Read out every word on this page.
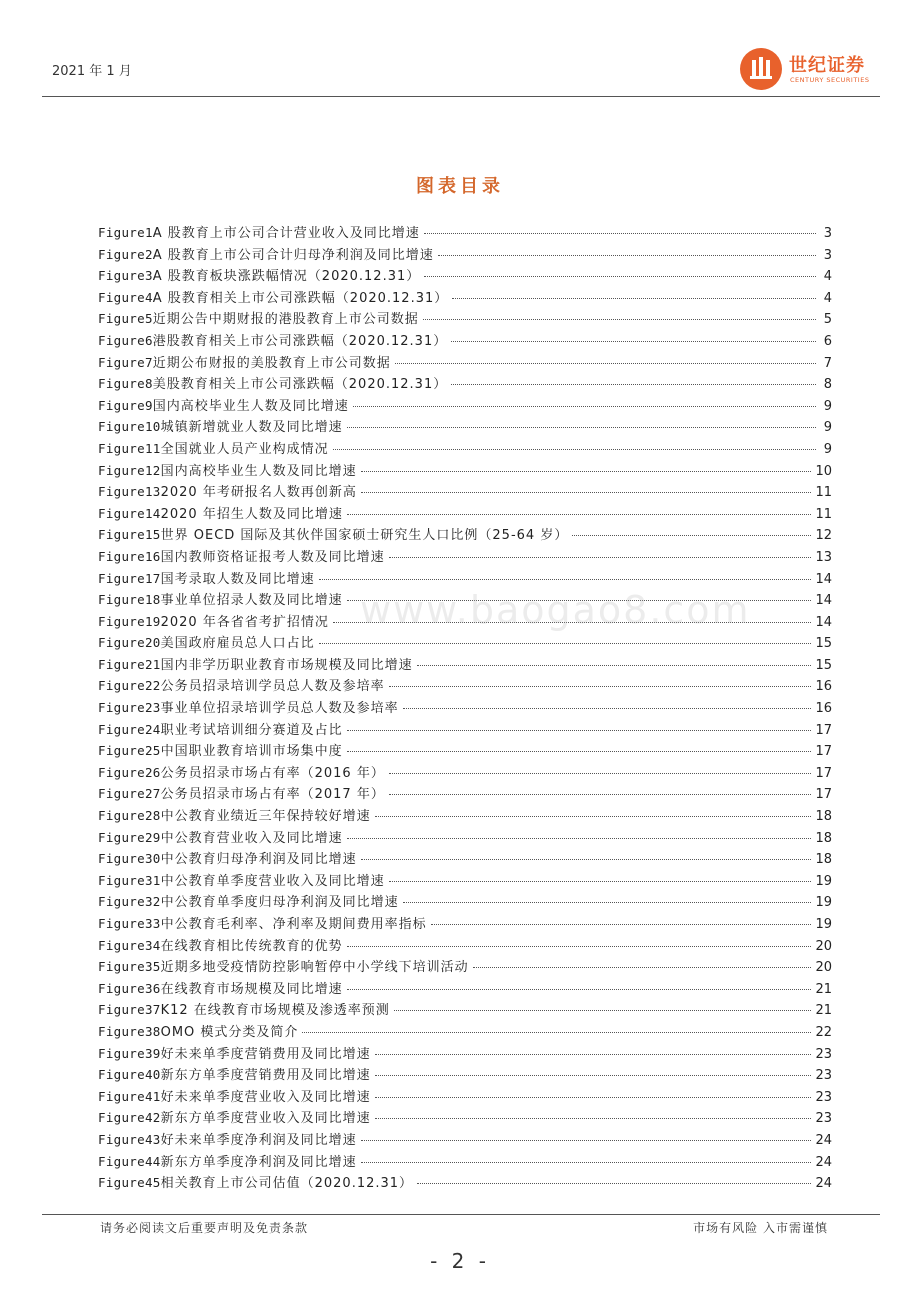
2021 年 1 月	世纪证券
CENTURY SECURITIES
图表目录
Figure1 A 股教育上市公司合计营业收入及同比增速	3
Figure2 A 股教育上市公司合计归母净利润及同比增速	3
Figure3 A 股教育板块涨跌幅情况（2020.12.31）	4
Figure4 A 股教育相关上市公司涨跌幅（2020.12.31）	4
Figure5 近期公告中期财报的港股教育上市公司数据	5
Figure6 港股教育相关上市公司涨跌幅（2020.12.31）	6
Figure7 近期公布财报的美股教育上市公司数据	7
Figure8 美股教育相关上市公司涨跌幅（2020.12.31）	8
Figure9 国内高校毕业生人数及同比增速	9
Figure10 城镇新增就业人数及同比增速	9
Figure11 全国就业人员产业构成情况	9
Figure12 国内高校毕业生人数及同比增速	10
Figure13 2020 年考研报名人数再创新高	11
Figure14 2020 年招生人数及同比增速	11
Figure15 世界 OECD 国际及其伙伴国家硕士研究生人口比例（25-64 岁）	12
Figure16 国内教师资格证报考人数及同比增速	13
Figure17 国考录取人数及同比增速	14
Figure18 事业单位招录人数及同比增速	14
Figure19 2020 年各省省考扩招情况	14
Figure20 美国政府雇员总人口占比	15
Figure21 国内非学历职业教育市场规模及同比增速	15
Figure22 公务员招录培训学员总人数及参培率	16
Figure23 事业单位招录培训学员总人数及参培率	16
Figure24 职业考试培训细分赛道及占比	17
Figure25 中国职业教育培训市场集中度	17
Figure26 公务员招录市场占有率（2016 年）	17
Figure27 公务员招录市场占有率（2017 年）	17
Figure28 中公教育业绩近三年保持较好增速	18
Figure29 中公教育营业收入及同比增速	18
Figure30 中公教育归母净利润及同比增速	18
Figure31 中公教育单季度营业收入及同比增速	19
Figure32 中公教育单季度归母净利润及同比增速	19
Figure33 中公教育毛利率、净利率及期间费用率指标	19
Figure34 在线教育相比传统教育的优势	20
Figure35 近期多地受疫情防控影响暂停中小学线下培训活动	20
Figure36 在线教育市场规模及同比增速	21
Figure37 K12 在线教育市场规模及渗透率预测	21
Figure38 OMO 模式分类及简介	22
Figure39 好未来单季度营销费用及同比增速	23
Figure40 新东方单季度营销费用及同比增速	23
Figure41 好未来单季度营业收入及同比增速	23
Figure42 新东方单季度营业收入及同比增速	23
Figure43 好未来单季度净利润及同比增速	24
Figure44 新东方单季度净利润及同比增速	24
Figure45 相关教育上市公司估值（2020.12.31）	24
www.baogao8.com
请务必阅读文后重要声明及免责条款	市场有风险 入市需谨慎
- 2 -
